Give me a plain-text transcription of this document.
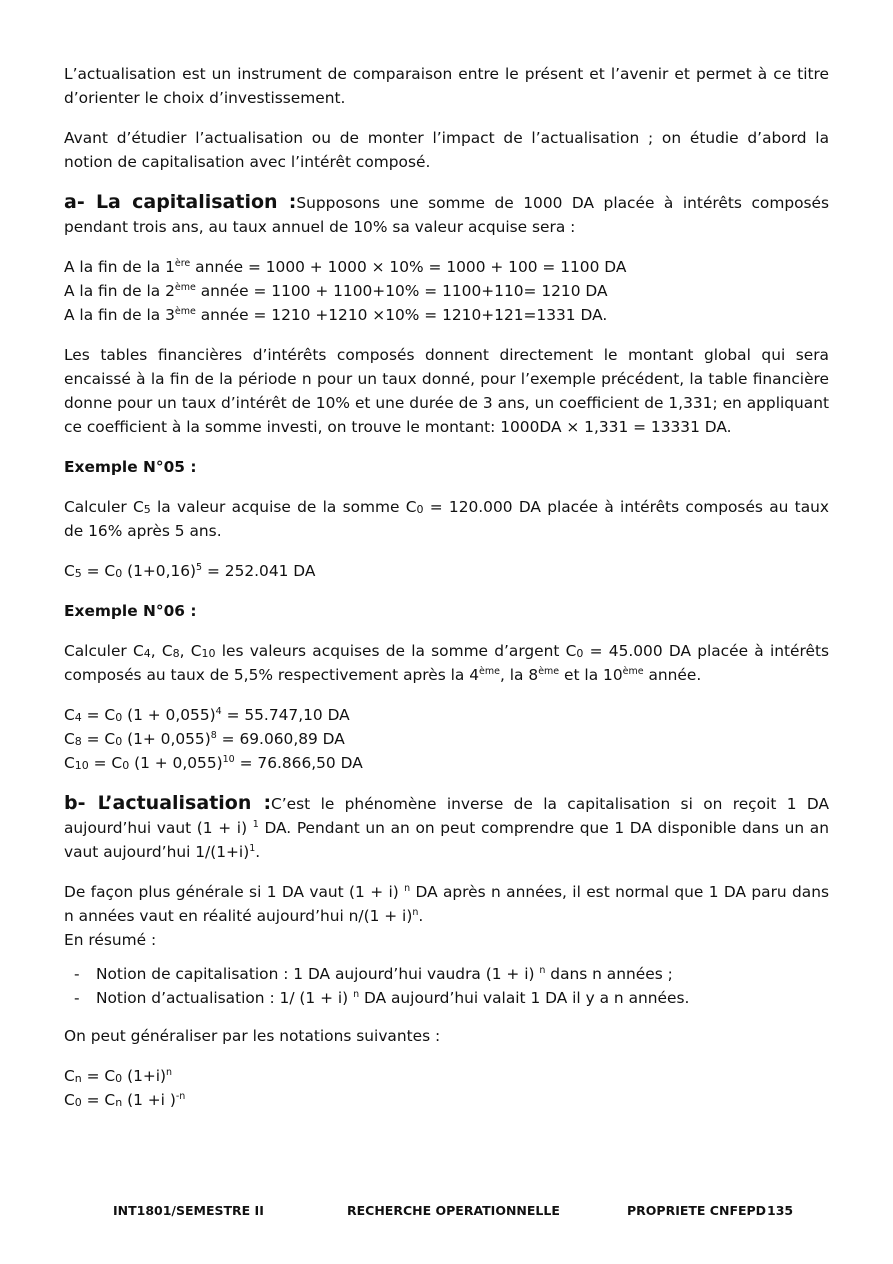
L’actualisation est un instrument de comparaison entre le présent et l’avenir et permet à ce titre d’orienter le choix d’investissement.

Avant d’étudier l’actualisation ou de monter l’impact de l’actualisation ; on étudie d’abord la notion de capitalisation avec l’intérêt composé.

a- La capitalisation :Supposons une somme de 1000 DA placée à intérêts composés pendant trois ans, au taux annuel de 10% sa valeur acquise sera :

A la fin de la 1ère année = 1000 + 1000 × 10% = 1000 + 100 = 1100 DA
A la fin de la 2ème année = 1100 + 1100+10% = 1100+110= 1210 DA
A la fin de la 3ème année = 1210 +1210 ×10% = 1210+121=1331 DA.

Les tables financières d’intérêts composés donnent directement le montant global qui sera encaissé à la fin de la période n pour un taux donné, pour l’exemple précédent, la table financière donne pour un taux d’intérêt de 10% et une durée de 3 ans, un coefficient de 1,331; en appliquant ce coefficient à la somme investi, on trouve le montant: 1000DA × 1,331 = 13331 DA.

Exemple N°05 :

Calculer $C_5$ la valeur acquise de la somme $C_0 = 120.000$ DA placée à intérêts composés au taux de 16% après 5 ans.

$C_5 = C_0$ $(1+0,16)^5 = 252.041$ DA

Exemple N°06 :

Calculer $C_4$, $C_8$, $C_{10}$ les valeurs acquises de la somme d’argent $C_0 = 45.000$ DA placée à intérêts composés au taux de 5,5% respectivement après la 4ème, la 8ème et la 10ème année.

$C_4 = C_0$ $(1 + 0,055)^4 = 55.747,10$ DA
$C_8 = C_0$ $(1+ 0,055)^8 = 69.060,89$ DA
$C_{10} = C_0$ $(1 + 0,055)^{10} = 76.866,50$ DA

b- L’actualisation :C’est le phénomène inverse de la capitalisation si on reçoit 1 DA aujourd’hui vaut (1 + i) $^1$ DA. Pendant un an on peut comprendre que 1 DA disponible dans un an vaut aujourd’hui $1/(1+i)^1$.

De façon plus générale si 1 DA vaut (1 + i) $^n$ DA après n années, il est normal que 1 DA paru dans n années vaut en réalité aujourd’hui $n/(1 + i)^n$.
En résumé :

- Notion de capitalisation : 1 DA aujourd’hui vaudra (1 + i) $^n$ dans n années ;
- Notion d’actualisation : 1/ (1 + i) $^n$ DA aujourd’hui valait 1 DA il y a n années.

On peut généraliser par les notations suivantes :

$C_n = C_0$ $(1+i)^n$
$C_0 = C_n$ (1 +i )$^{-n}$

INT1801/SEMESTRE II	RECHERCHE OPERATIONNELLE	PROPRIETE CNFEPD 135
